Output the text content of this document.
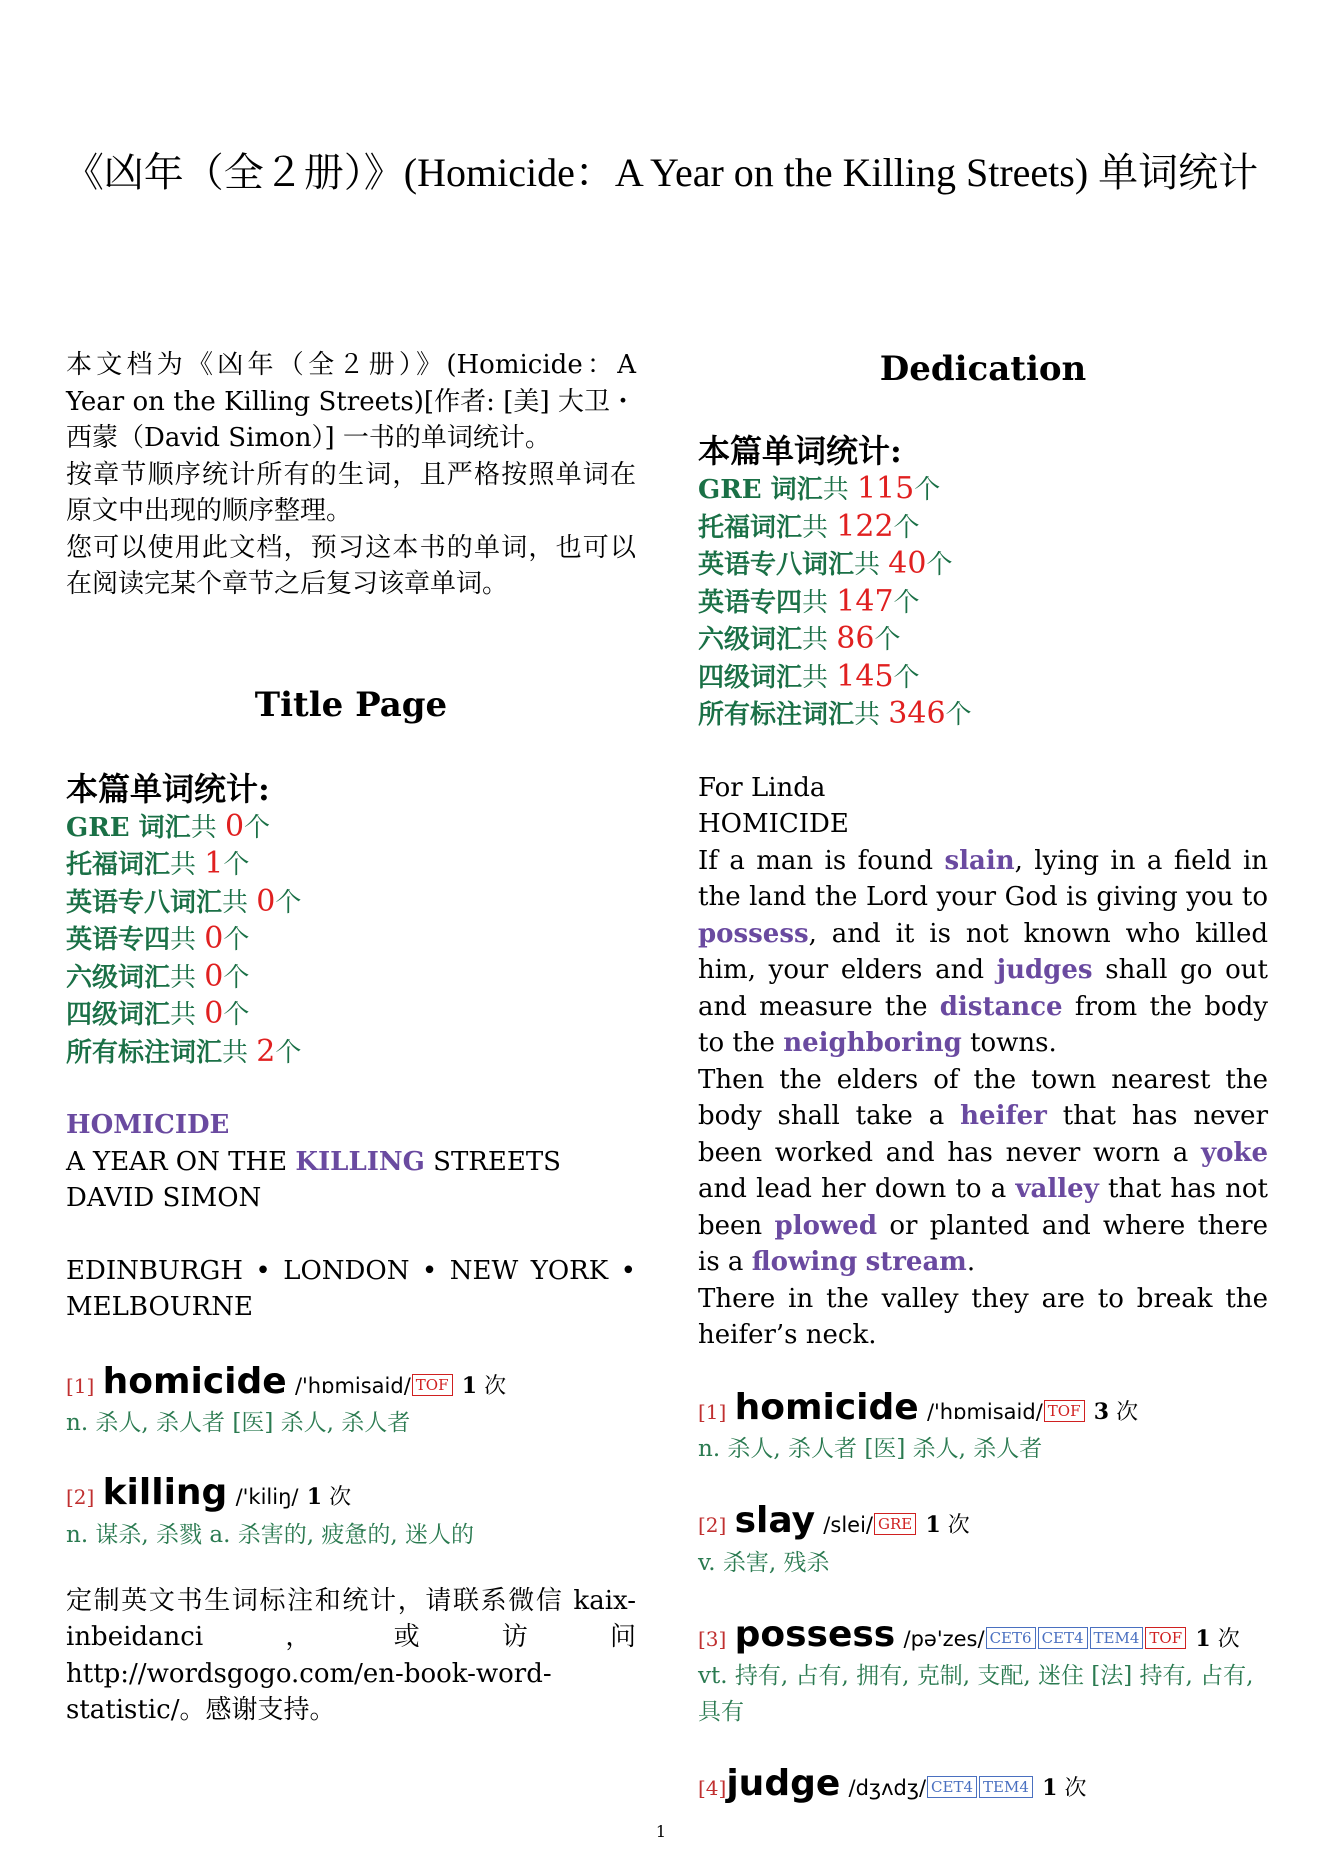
《凶年（全２册）》(Homicide：A Year on the Killing Streets) 单词统计
本文档为《凶年（全２册）》(Homicide：A Year on the Killing Streets)[作者: [美] 大卫・西蒙（David Simon）] 一书的单词统计。
按章节顺序统计所有的生词，且严格按照单词在原文中出现的顺序整理。
您可以使用此文档，预习这本书的单词，也可以在阅读完某个章节之后复习该章单词。
Title Page
本篇单词统计:
GRE 词汇共 0个
托福词汇共 1个
英语专八词汇共 0个
英语专四共 0个
六级词汇共 0个
四级词汇共 0个
所有标注词汇共 2个
HOMICIDE
A YEAR ON THE KILLING STREETS
DAVID SIMON
EDINBURGH • LONDON • NEW YORK • MELBOURNE
[1] homicide /'hɒmisaid/ TOF 1 次
n. 杀人, 杀人者 [医] 杀人, 杀人者
[2] killing /'kiliŋ/ 1 次
n. 谋杀, 杀戮 a. 杀害的, 疲惫的, 迷人的
定制英文书生词标注和统计，请联系微信 kaix-inbeidanci，或访问 http://wordsgogo.com/en-book-word-statistic/。感谢支持。
Dedication
本篇单词统计:
GRE 词汇共 115个
托福词汇共 122个
英语专八词汇共 40个
英语专四共 147个
六级词汇共 86个
四级词汇共 145个
所有标注词汇共 346个
For Linda
HOMICIDE
If a man is found slain, lying in a field in the land the Lord your God is giving you to possess, and it is not known who killed him, your elders and judges shall go out and measure the distance from the body to the neighboring towns.
Then the elders of the town nearest the body shall take a heifer that has never been worked and has never worn a yoke and lead her down to a valley that has not been plowed or planted and where there is a flowing stream.
There in the valley they are to break the heifer’s neck.
[1] homicide /'hɒmisaid/ TOF 3 次
n. 杀人, 杀人者 [医] 杀人, 杀人者
[2] slay /slei/ GRE 1 次
v. 杀害, 残杀
[3] possess /pə'zes/ CET6 CET4 TEM4 TOF 1 次
vt. 持有, 占有, 拥有, 克制, 支配, 迷住 [法] 持有, 占有, 具有
[4]judge /dʒʌdʒ/ CET4 TEM4 1 次
1
